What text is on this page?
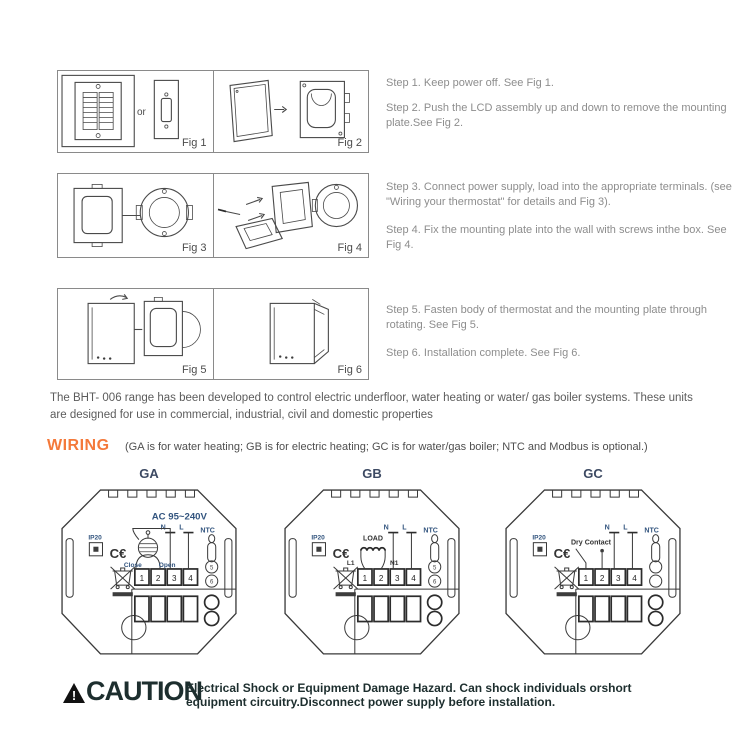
or
Fig 1	Fig 2
Fig 3	Fig 4
Fig 5	Fig 6
Step 1. Keep power off. See Fig 1.
Step 2. Push the LCD assembly up and down to remove the mounting plate.See Fig 2.
Step 3. Connect power supply, load into the appropriate terminals. (see "Wiring your thermostat" for details and Fig 3).
Step 4. Fix the mounting plate into the wall with screws inthe box. See Fig 4.
Step 5. Fasten body of thermostat and the mounting plate through rotating. See Fig 5.
Step 6. Installation complete. See Fig 6.
The BHT- 006 range has been developed to control electric underfloor, water heating or water/ gas boiler systems. These units are designed for use in commercial, industrial, civil and domestic properties
WIRING (GA is for water heating; GB is for electric heating; GC is for water/gas boiler; NTC and Modbus is optional.)
GA
IP20
C€
1 2 3 4
N L
AC 95~240V
Close	Open
NTC
5
6
GB
IP20
C€
1 2 3 4
N L
LOAD
L1	N1
NTC
5
6
GC
IP20
C€
1 2 3 4
N L
Dry Contact
NTC
! CAUTION
Electrical Shock or Equipment Damage Hazard. Can shock individuals orshort equipment circuitry.Disconnect power supply before installation.
